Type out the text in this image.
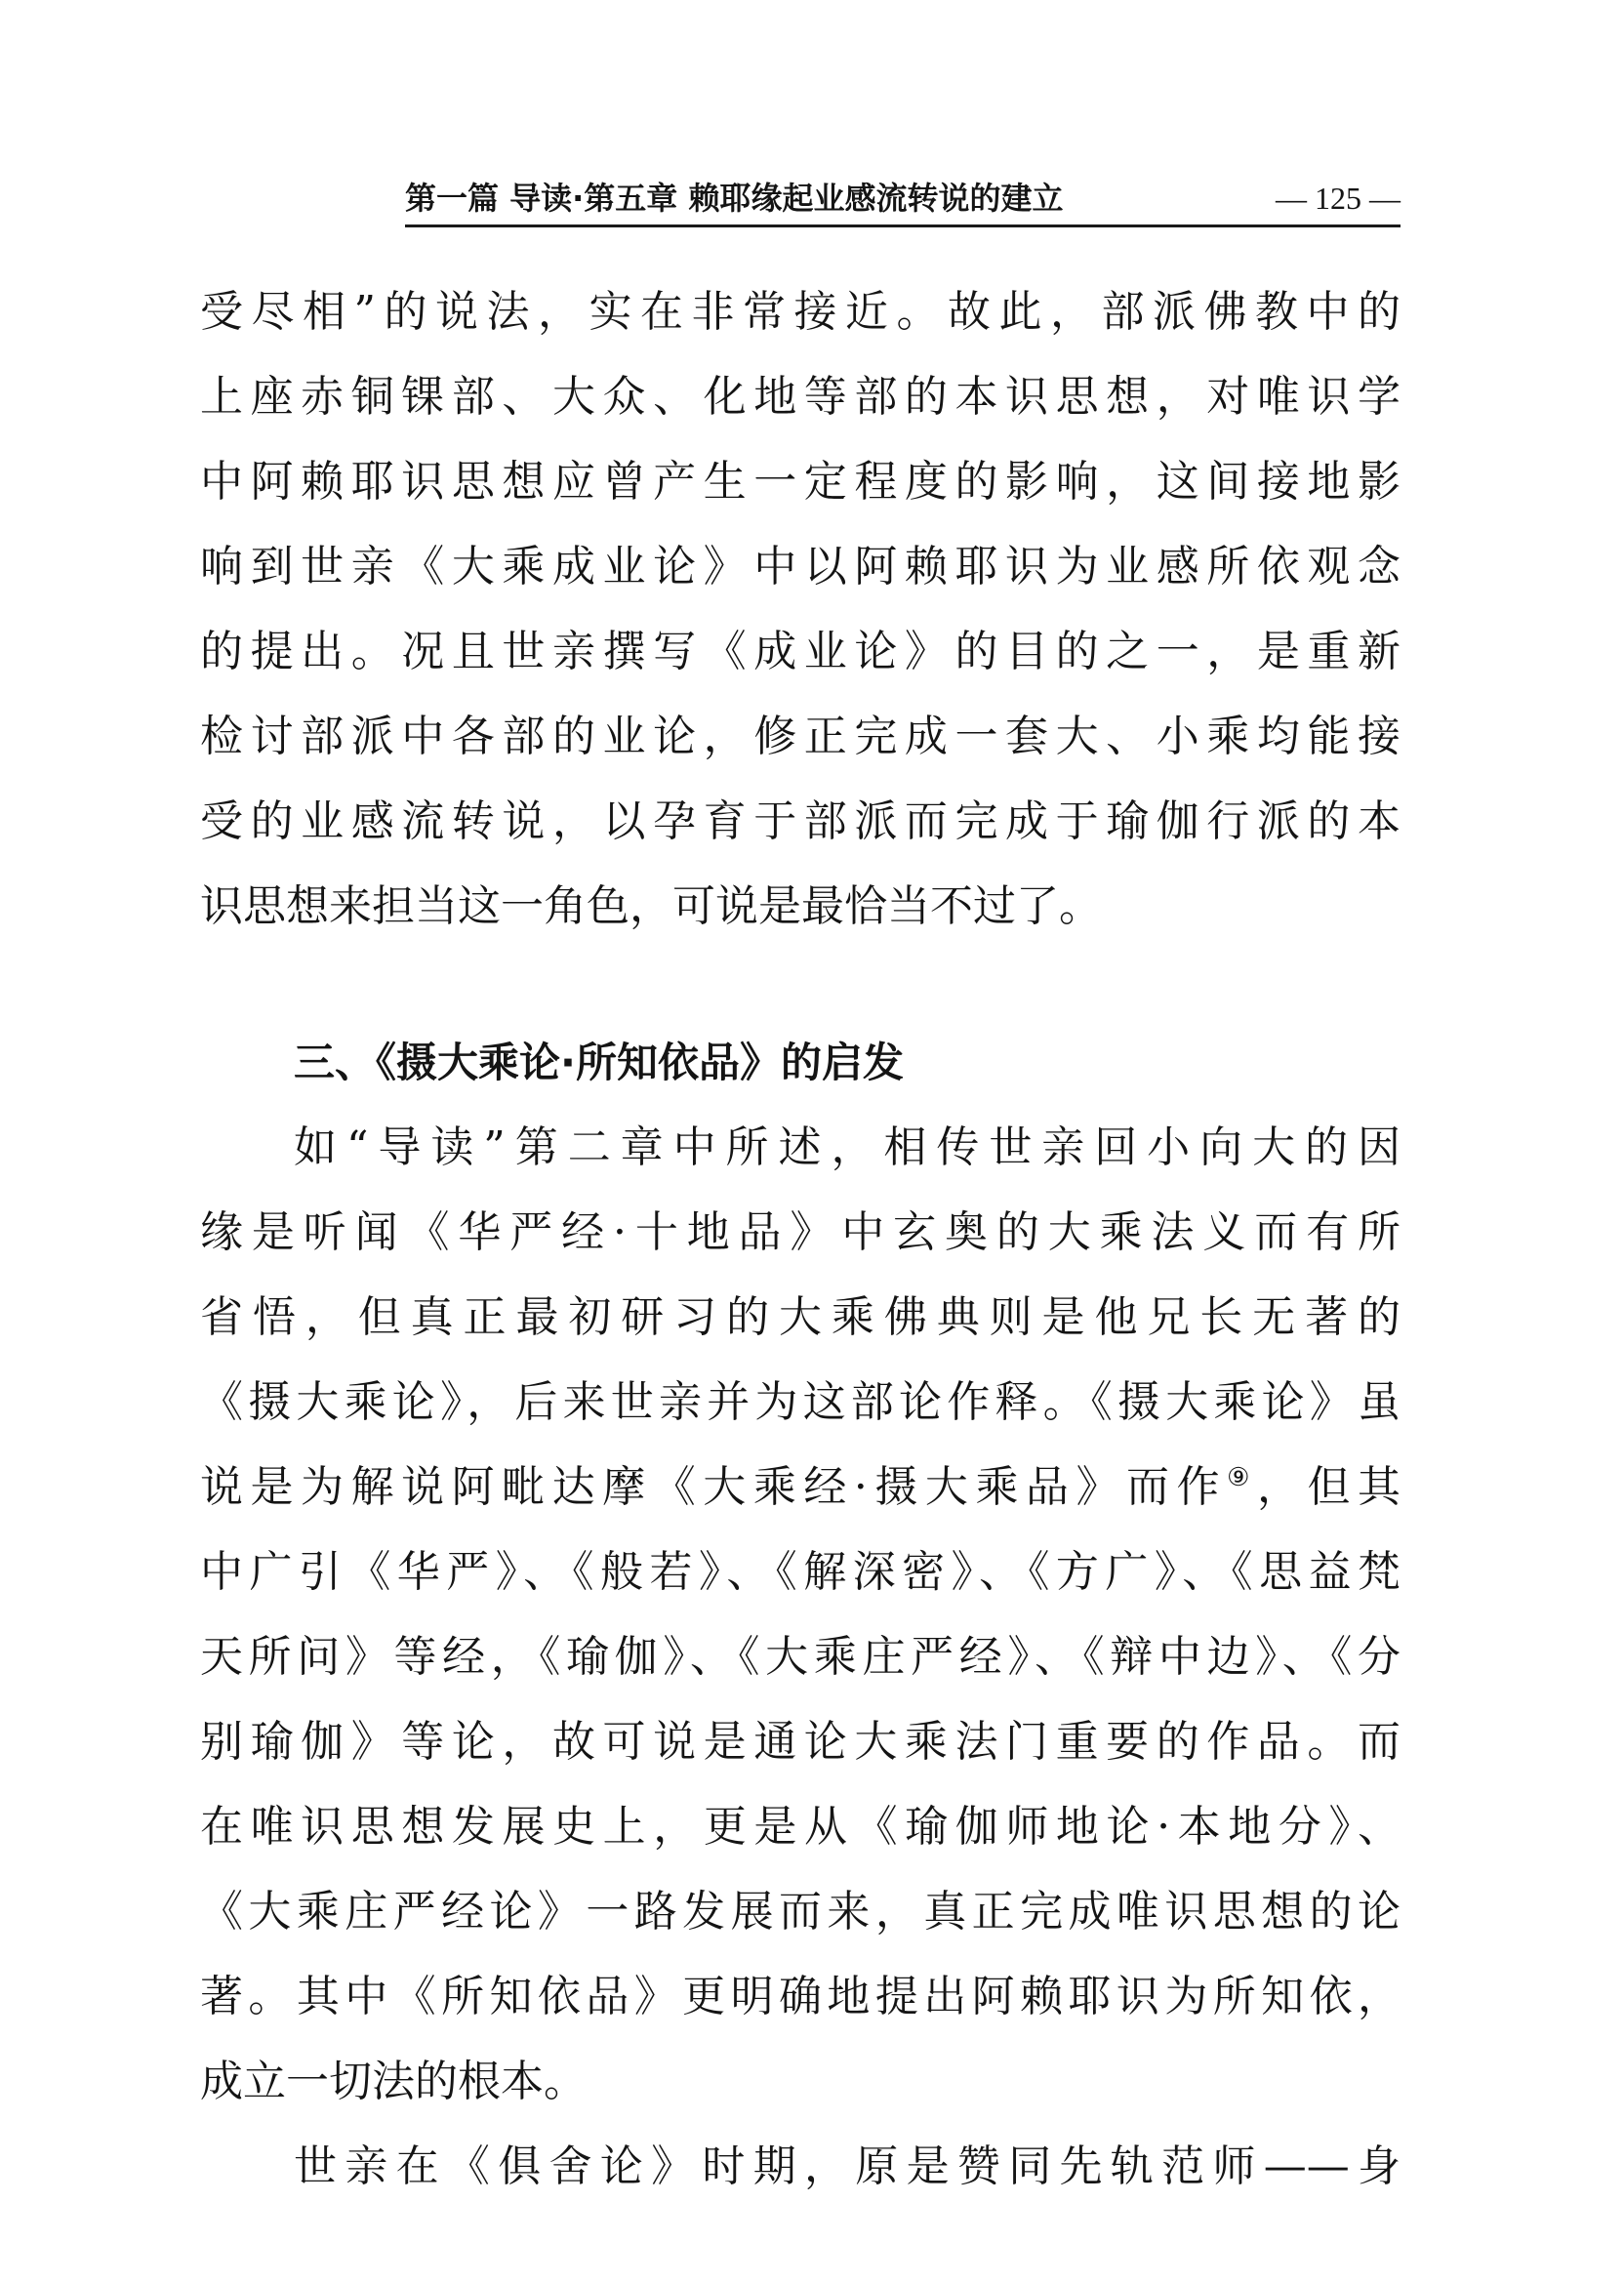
第一篇 导读·第五章 赖耶缘起业感流转说的建立	— 125 —
受尽相”的说法，实在非常接近。故此，部派佛教中的
上座赤铜锞部、大众、化地等部的本识思想，对唯识学
中阿赖耶识思想应曾产生一定程度的影响，这间接地影
响到世亲《大乘成业论》中以阿赖耶识为业感所依观念
的提出。况且世亲撰写《成业论》的目的之一，是重新
检讨部派中各部的业论，修正完成一套大、小乘均能接
受的业感流转说，以孕育于部派而完成于瑜伽行派的本
识思想来担当这一角色，可说是最恰当不过了。
三、《摄大乘论·所知依品》的启发
如“导读”第二章中所述，相传世亲回小向大的因
缘是听闻《华严经·十地品》中玄奥的大乘法义而有所
省悟，但真正最初研习的大乘佛典则是他兄长无著的
《摄大乘论》，后来世亲并为这部论作释。《摄大乘论》虽
说是为解说阿毗达摩《大乘经·摄大乘品》而作⑨，但其
中广引《华严》、《般若》、《解深密》、《方广》、《思益梵
天所问》等经，《瑜伽》、《大乘庄严经》、《辩中边》、《分
别瑜伽》等论，故可说是通论大乘法门重要的作品。而
在唯识思想发展史上，更是从《瑜伽师地论·本地分》、
《大乘庄严经论》一路发展而来，真正完成唯识思想的论
著。其中《所知依品》更明确地提出阿赖耶识为所知依，
成立一切法的根本。
世亲在《俱舍论》时期，原是赞同先轨范师——身
